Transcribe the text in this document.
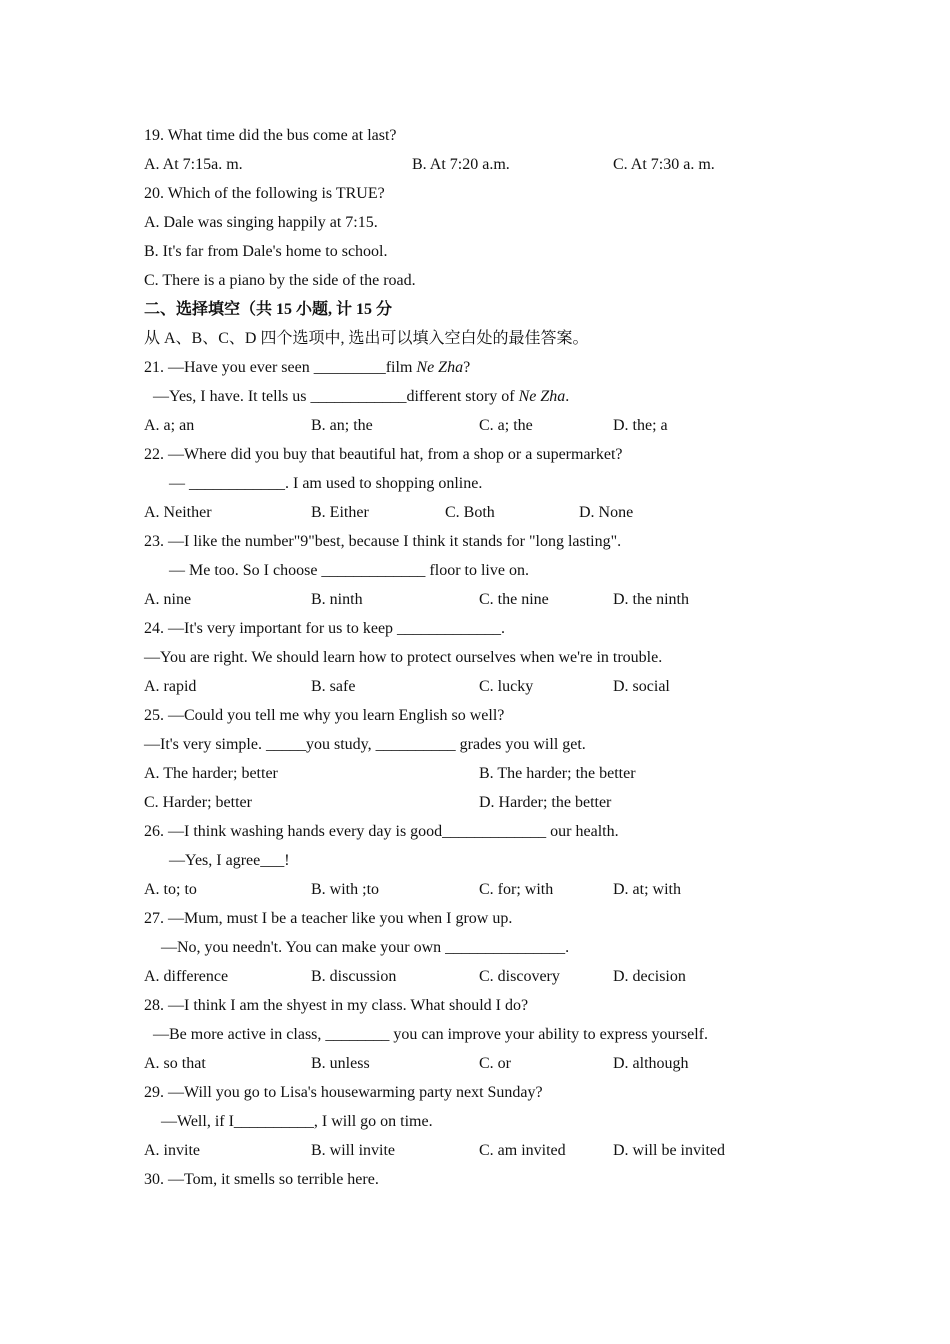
19. What time did the bus come at last?
A. At 7:15a. m.	B. At 7:20 a.m.	C. At 7:30 a. m.
20. Which of the following is TRUE?
A. Dale was singing happily at 7:15.
B. It's far from Dale's home to school.
C. There is a piano by the side of the road.
二、选择填空（共 15 小题, 计 15 分
从 A、B、C、D 四个选项中, 选出可以填入空白处的最佳答案。
21. —Have you ever seen _________film Ne Zha?
—Yes, I have. It tells us ____________different story of Ne Zha.
A. a; an	B. an; the	C. a; the	D. the; a
22. —Where did you buy that beautiful hat, from a shop or a supermarket?
— ____________. I am used to shopping online.
A. Neither	B. Either	C. Both	D. None
23. —I like the number"9"best, because I think it stands for "long lasting".
— Me too. So I choose _____________ floor to live on.
A. nine	B. ninth	C. the nine	D. the ninth
24. —It's very important for us to keep _____________.
—You are right. We should learn how to protect ourselves when we're in trouble.
A. rapid	B. safe	C. lucky	D. social
25. —Could you tell me why you learn English so well?
—It's very simple. _____you study, __________ grades you will get.
A. The harder; better	B. The harder; the better
C. Harder; better	D. Harder; the better
26. —I think washing hands every day is good_____________ our health.
—Yes, I agree___!
A. to; to	B. with ;to	C. for; with	D. at; with
27. —Mum, must I be a teacher like you when I grow up.
—No, you needn't. You can make your own _______________.
A. difference	B. discussion	C. discovery	D. decision
28. —I think I am the shyest in my class. What should I do?
—Be more active in class, ________ you can improve your ability to express yourself.
A. so that	B. unless	C. or	D. although
29. —Will you go to Lisa's housewarming party next Sunday?
—Well, if I__________, I will go on time.
A. invite	B. will invite	C. am invited	D. will be invited
30. —Tom, it smells so terrible here.
